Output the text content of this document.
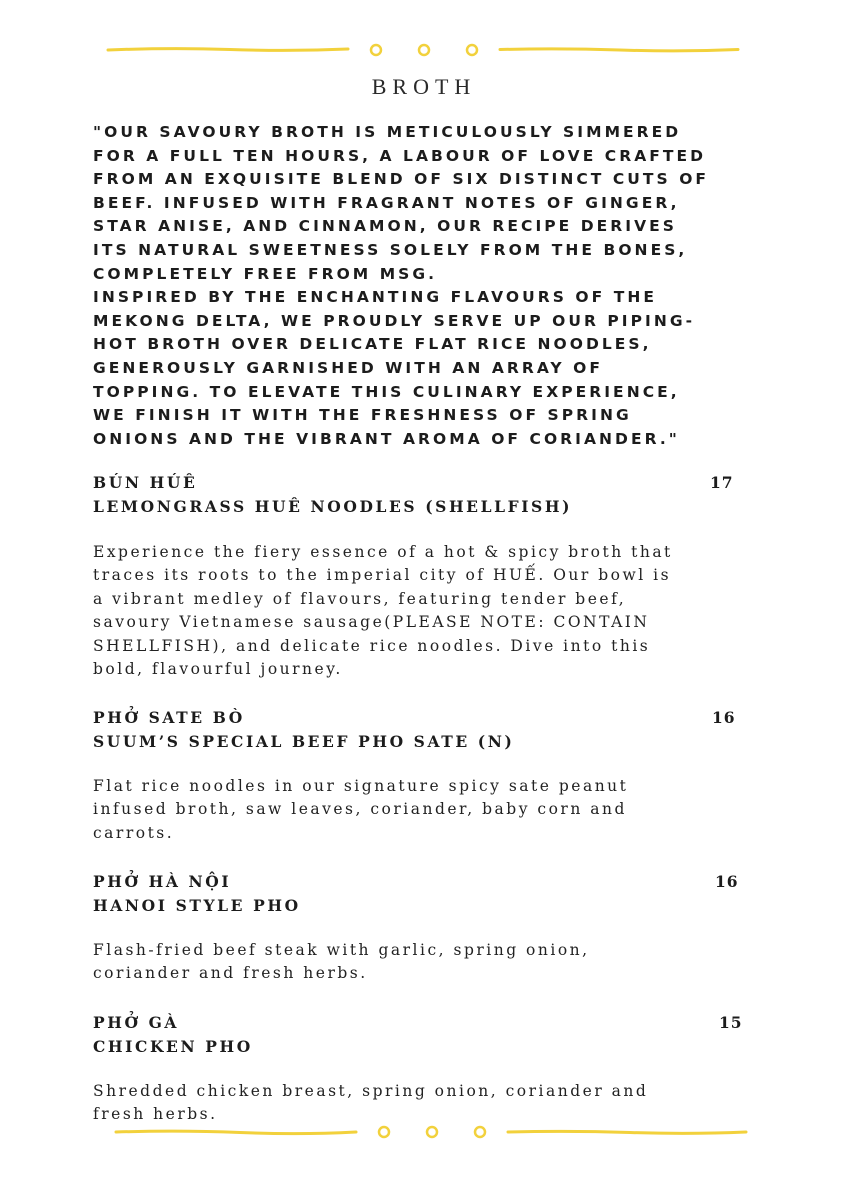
BROTH
"OUR SAVOURY BROTH IS METICULOUSLY SIMMERED
FOR A FULL TEN HOURS, A LABOUR OF LOVE CRAFTED
FROM AN EXQUISITE BLEND OF SIX DISTINCT CUTS OF
BEEF. INFUSED WITH FRAGRANT NOTES OF GINGER,
STAR ANISE, AND CINNAMON, OUR RECIPE DERIVES
ITS NATURAL SWEETNESS SOLELY FROM THE BONES,
COMPLETELY FREE FROM MSG.
INSPIRED BY THE ENCHANTING FLAVOURS OF THE
MEKONG DELTA, WE PROUDLY SERVE UP OUR PIPING-
HOT BROTH OVER DELICATE FLAT RICE NOODLES,
GENEROUSLY GARNISHED WITH AN ARRAY OF
TOPPING. TO ELEVATE THIS CULINARY EXPERIENCE,
WE FINISH IT WITH THE FRESHNESS OF SPRING
ONIONS AND THE VIBRANT AROMA OF CORIANDER."
BÚN HÚÊ
LEMONGRASS HUÊ NOODLES (SHELLFISH)
17
Experience the fiery essence of a hot & spicy broth that
traces its roots to the imperial city of HUẾ. Our bowl is
a vibrant medley of flavours, featuring tender beef,
savoury Vietnamese sausage(PLEASE NOTE: CONTAIN
SHELLFISH), and delicate rice noodles. Dive into this
bold, flavourful journey.
PHỞ SATE BÒ
SUUM’S SPECIAL BEEF PHO SATE (N)
16
Flat rice noodles in our signature spicy sate peanut
infused broth, saw leaves, coriander, baby corn and
carrots.
PHỞ HÀ NỘI
HANOI STYLE PHO
16
Flash-fried beef steak with garlic, spring onion,
coriander and fresh herbs.
PHỞ GÀ
CHICKEN PHO
15
Shredded chicken breast, spring onion, coriander and
fresh herbs.
